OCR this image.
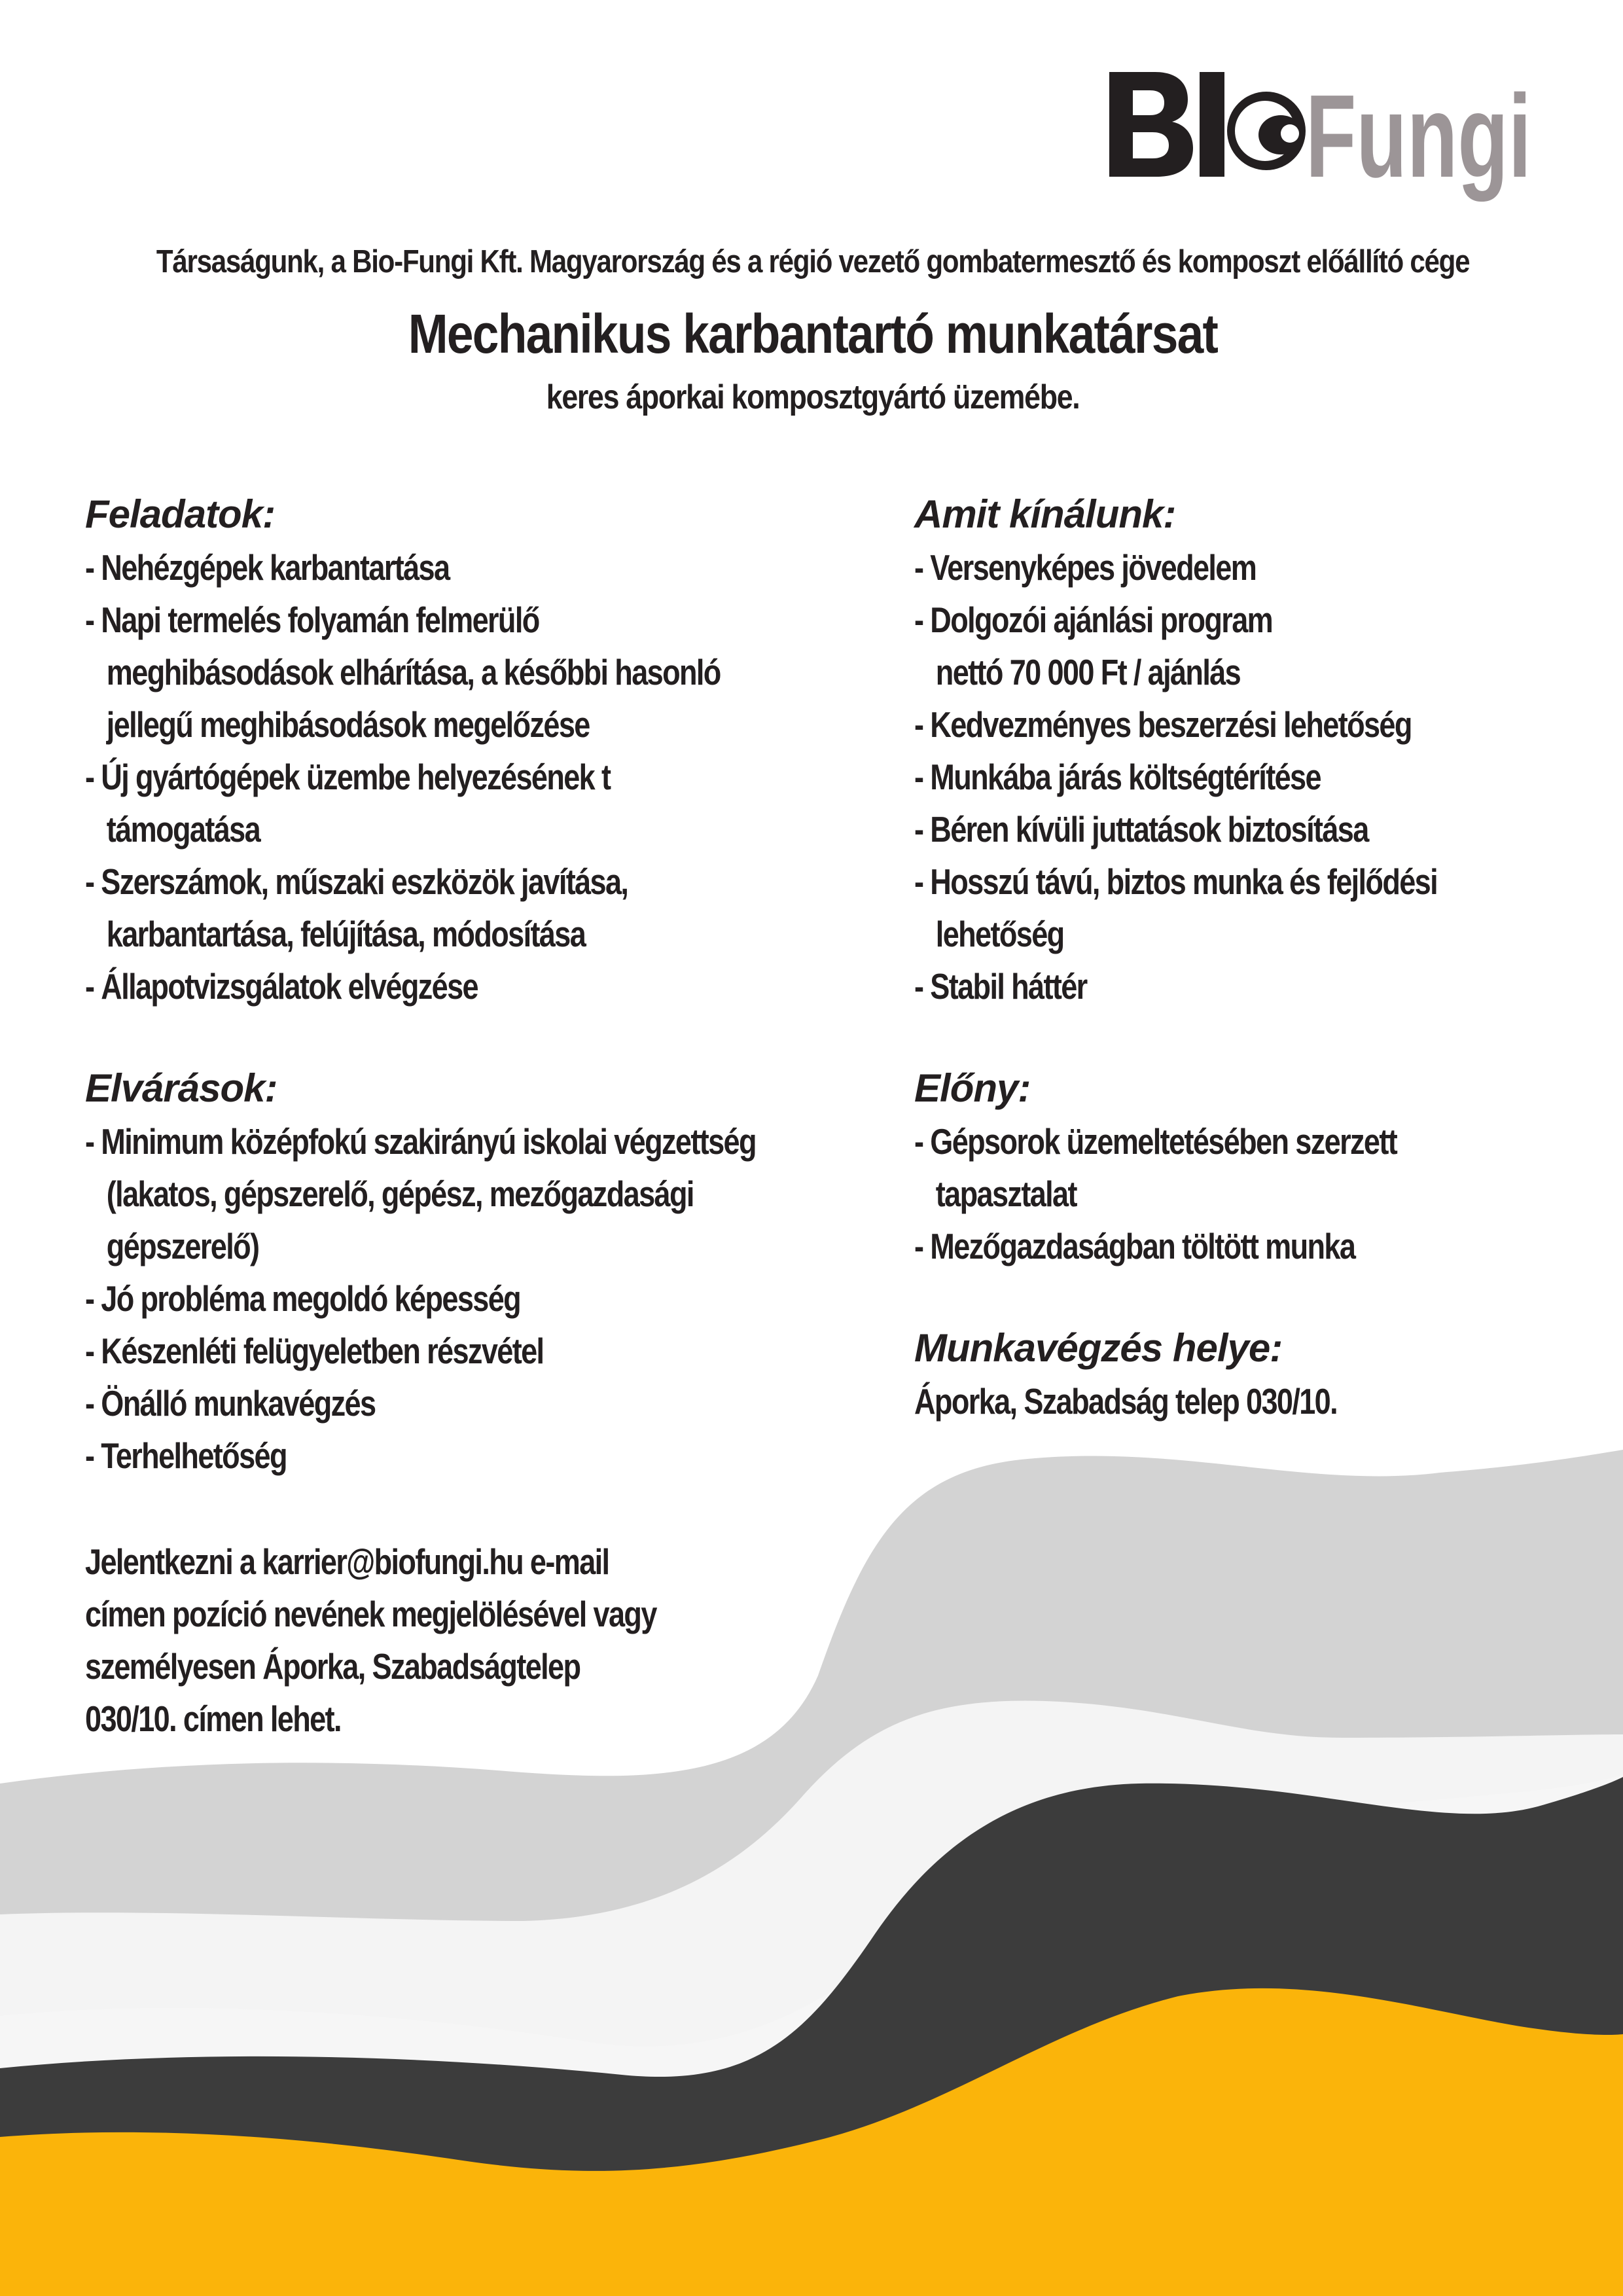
Fungi
Társaságunk, a Bio-Fungi Kft. Magyarország és a régió vezető gombatermesztő és komposzt előállító cége
Mechanikus karbantartó munkatársat
keres áporkai komposztgyártó üzemébe.
Feladatok:
- Nehézgépek karbantartása
- Napi termelés folyamán felmerülő
meghibásodások elhárítása, a későbbi hasonló
jellegű meghibásodások megelőzése
- Új gyártógépek üzembe helyezésének t
támogatása
- Szerszámok, műszaki eszközök javítása,
karbantartása, felújítása, módosítása
- Állapotvizsgálatok elvégzése
Elvárások:
- Minimum középfokú szakirányú iskolai végzettség
(lakatos, gépszerelő, gépész, mezőgazdasági
gépszerelő)
- Jó probléma megoldó képesség
- Készenléti felügyeletben részvétel
- Önálló munkavégzés
- Terhelhetőség
Jelentkezni a karrier@biofungi.hu e-mail
címen pozíció nevének megjelölésével vagy
személyesen Áporka, Szabadságtelep
030/10. címen lehet.
Amit kínálunk:
- Versenyképes jövedelem
- Dolgozói ajánlási program
nettó 70 000 Ft / ajánlás
- Kedvezményes beszerzési lehetőség
- Munkába járás költségtérítése
- Béren kívüli juttatások biztosítása
- Hosszú távú, biztos munka és fejlődési
lehetőség
- Stabil háttér
Előny:
- Gépsorok üzemeltetésében szerzett
tapasztalat
- Mezőgazdaságban töltött munka
Munkavégzés helye:
Áporka, Szabadság telep 030/10.
